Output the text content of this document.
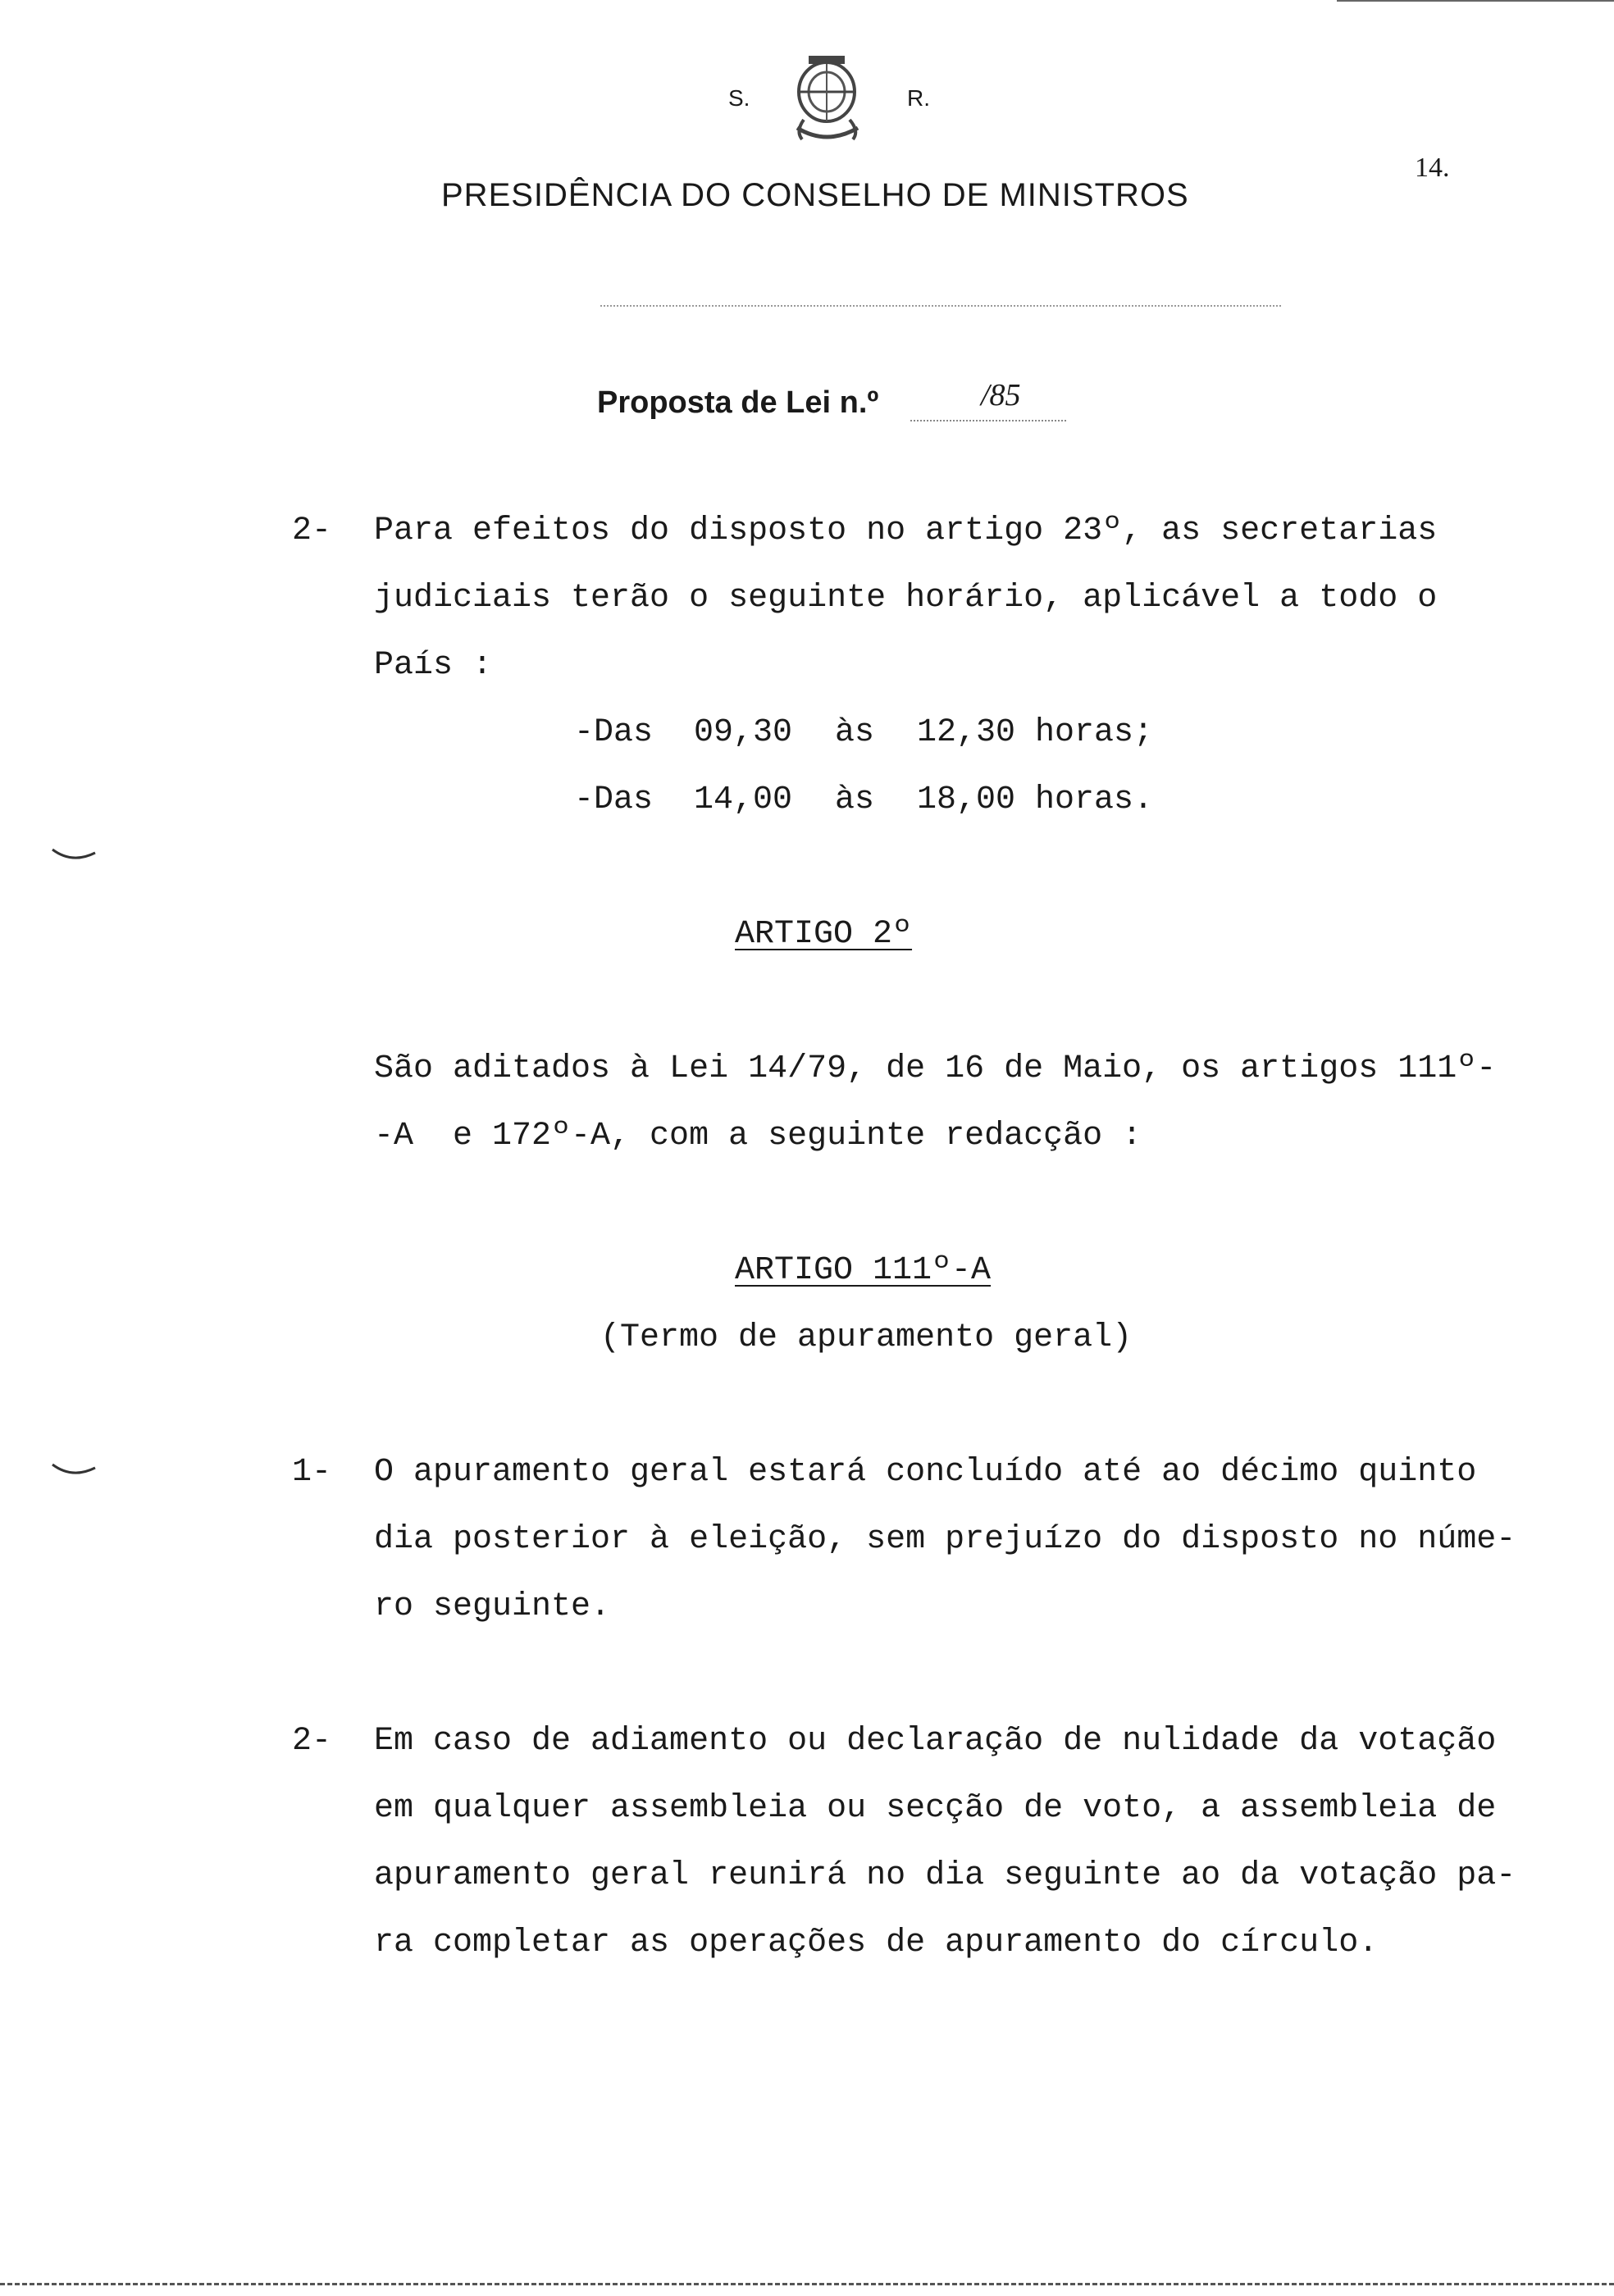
S.	R.
PRESIDÊNCIA DO CONSELHO DE MINISTROS
14.
Proposta de Lei n.º	/85
2- Para efeitos do disposto no artigo 23º, as secretarias
judiciais terão o seguinte horário, aplicável a todo o
País :
-Das 09,30 às 12,30 horas;
-Das 14,00 às 18,00 horas.
ARTIGO 2º
São aditados à Lei 14/79, de 16 de Maio, os artigos 111º-
-A  e 172º-A, com a seguinte redacção :
ARTIGO 111º-A
(Termo de apuramento geral)
1- O apuramento geral estará concluído até ao décimo quinto
dia posterior à eleição, sem prejuízo do disposto no núme-
ro seguinte.
2- Em caso de adiamento ou declaração de nulidade da votação
em qualquer assembleia ou secção de voto, a assembleia de
apuramento geral reunirá no dia seguinte ao da votação pa-
ra completar as operações de apuramento do círculo.
